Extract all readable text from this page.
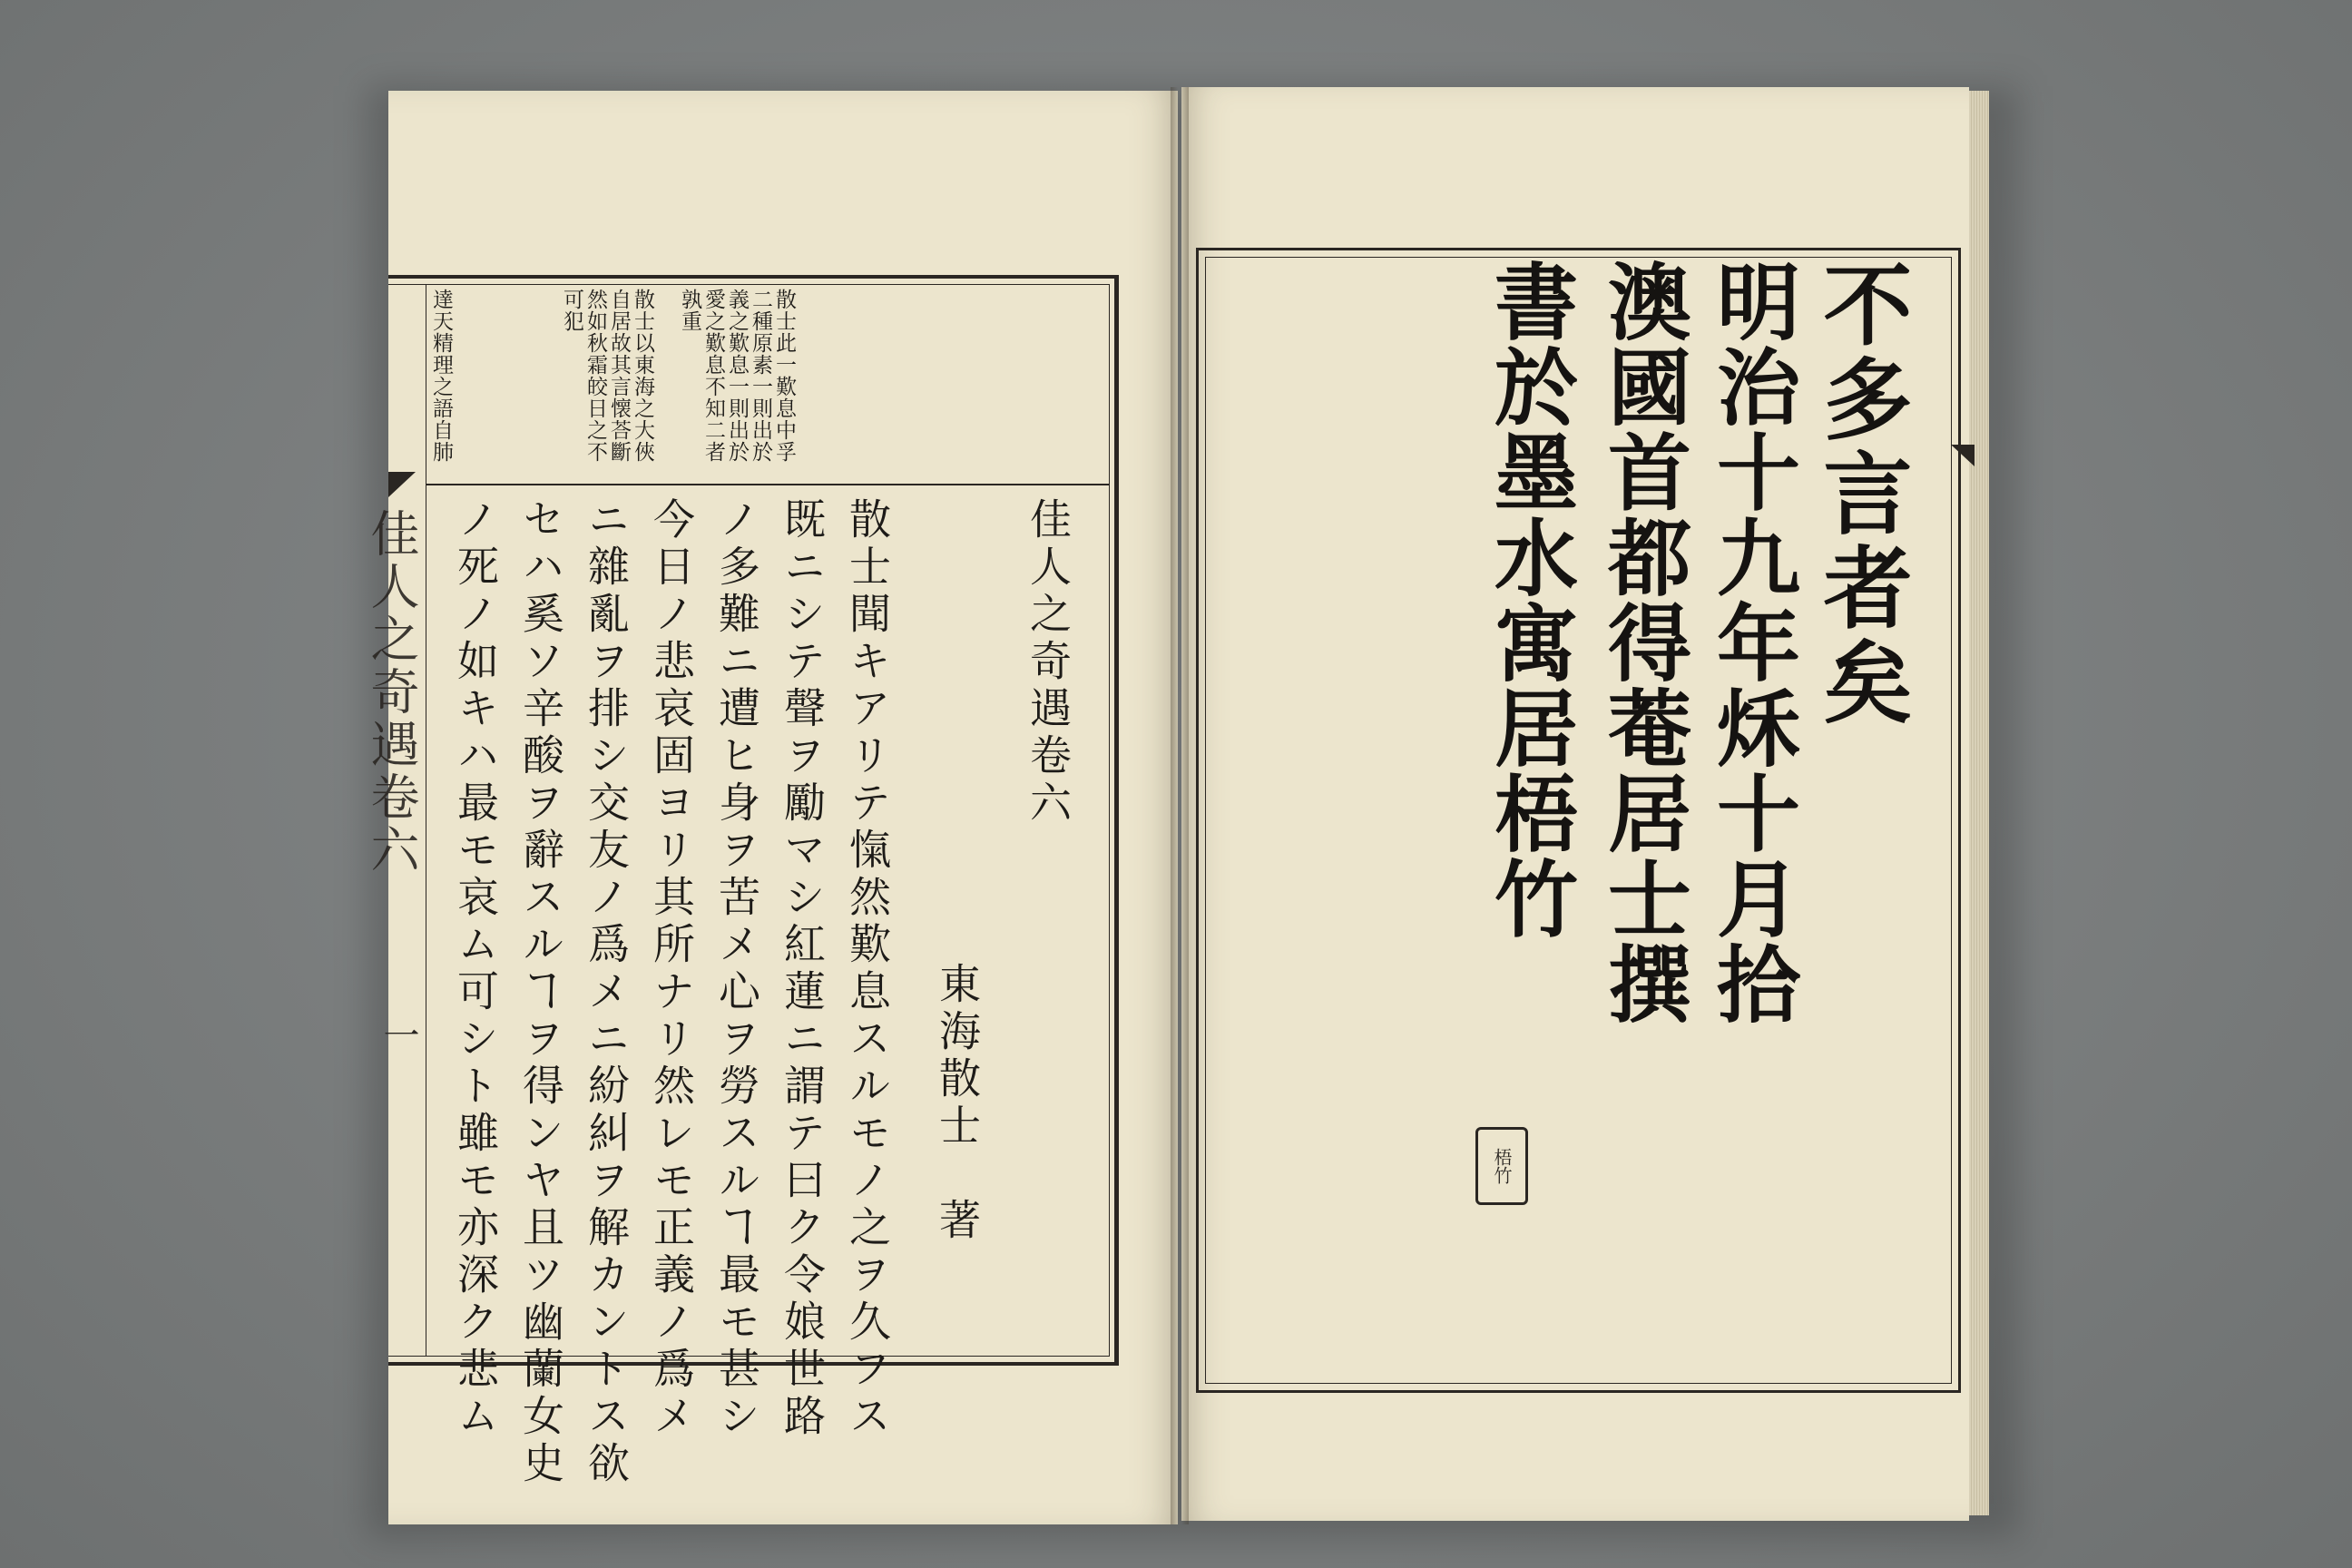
佳人之奇遇卷六
一
散士此一歎息中孚
二種原素一則出於
義之歎息一則出於
愛之歎息不知二者
孰重
散士以東海之大俠
自居故其言懐荅斷
然如秋霜皎日之不
可犯
達天精理之語自肺
佳人之奇遇卷六
東海散士　著
散士聞キアリテ愾然歎息スルモノ之ヲ久フス
既ニシテ聲ヲ勵マシ紅蓮ニ謂テ曰ク令娘世路
ノ多難ニ遭ヒ身ヲ苦メ心ヲ勞スルヿ最モ甚シ
今日ノ悲哀固ヨリ其所ナリ然レモ正義ノ爲メ
ニ雜亂ヲ排シ交友ノ爲メニ紛糾ヲ解カントス欲
セハ奚ソ辛酸ヲ辭スルヿヲ得ンヤ且ツ幽蘭女史
ノ死ノ如キハ最モ哀ム可シト雖モ亦深ク悲ム
不多言者矣
明治十九年秌十月拾
澳國首都得菴居士撰
書於墨水寓居梧竹
梧竹
